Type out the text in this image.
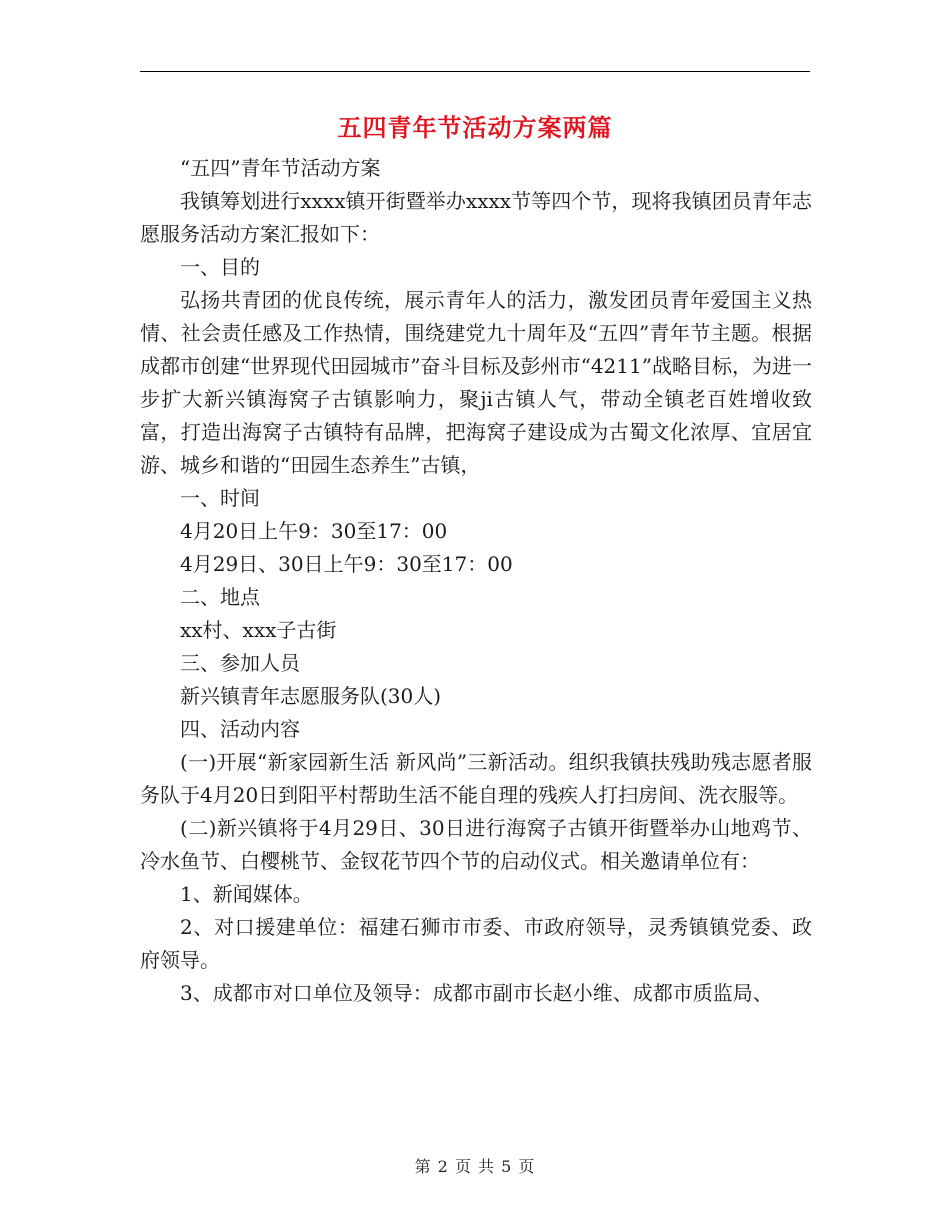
五四青年节活动方案两篇

“五四”青年节活动方案

我镇筹划进行xxxx镇开街暨举办xxxx节等四个节，现将我镇团员青年志愿服务活动方案汇报如下：

一、目的

弘扬共青团的优良传统，展示青年人的活力，激发团员青年爱国主义热情、社会责任感及工作热情，围绕建党九十周年及“五四”青年节主题。根据成都市创建“世界现代田园城市”奋斗目标及彭州市“4211”战略目标，为进一步扩大新兴镇海窝子古镇影响力，聚ji古镇人气，带动全镇老百姓增收致富，打造出海窝子古镇特有品牌，把海窝子建设成为古蜀文化浓厚、宜居宜游、城乡和谐的“田园生态养生”古镇，

一、时间

4月20日上午9：30至17：00

4月29日、30日上午9：30至17：00

二、地点

xx村、xxx子古街

三、参加人员

新兴镇青年志愿服务队(30人)

四、活动内容

(一)开展“新家园新生活 新风尚”三新活动。组织我镇扶残助残志愿者服务队于4月20日到阳平村帮助生活不能自理的残疾人打扫房间、洗衣服等。

(二)新兴镇将于4月29日、30日进行海窝子古镇开街暨举办山地鸡节、冷水鱼节、白樱桃节、金钗花节四个节的启动仪式。相关邀请单位有：

1、新闻媒体。

2、对口援建单位：福建石狮市市委、市政府领导，灵秀镇镇党委、政府领导。

3、成都市对口单位及领导：成都市副市长赵小维、成都市质监局、

第 2 页 共 5 页
